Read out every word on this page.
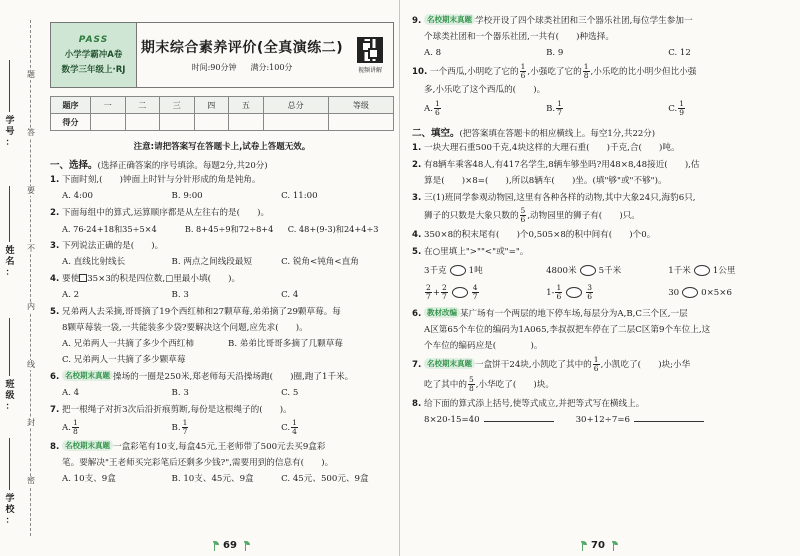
题
答
要
不
内
线
封
密
学
号
：
姓
名
：
班
级
：
学
校
：
PASS
小学学霸冲A卷
数学三年级上·RJ
期末综合素养评价(全真演练二)
时间:90分钟 满分:100分	视频讲解
题序	一	二	三	四	五	总分	等级
得分							
注意:请把答案写在答题卡上,试卷上答题无效。
一、选择。(选择正确答案的序号填涂。每题2分,共20分)
1. 下面时刻,(　　)钟面上时针与分针形成的角是钝角。
A. 4:00	B. 9:00	C. 11:00
2. 下面每组中的算式,运算顺序都是从左往右的是(　　)。
A. 76-24+18和35÷5×4	B. 8+45÷9和72÷8+4	C. 48+(9-3)和24+4÷3
3. 下列说法正确的是(　　)。
A. 直线比射线长	B. 两点之间线段最短	C. 锐角<钝角<直角
4. 要使 35×3的积是四位数,□里最小填(　　)。
A. 2	B. 3	C. 4
5. 兄弟两人去采摘,哥哥摘了19个西红柿和27颗草莓,弟弟摘了29颗草莓。每
8颗草莓装一袋,一共能装多少袋?要解决这个问题,应先求(　　)。
A. 兄弟两人一共摘了多少个西红柿	B. 弟弟比哥哥多摘了几颗草莓
C. 兄弟两人一共摘了多少颗草莓
6. 名校期末真题 操场的一圈是250米,郑老师每天沿操场跑(　　)圈,跑了1千米。
A. 4	B. 3	C. 5
7. 把一根绳子对折3次后沿折痕剪断,每份是这根绳子的(　　)。
A. $\frac{1}{8}$	B. $\frac{1}{7}$	C. $\frac{1}{4}$
8. 名校期末真题 一盒彩笔有10支,每盒45元,王老师带了500元去买9盒彩
笔。要解决"王老师买完彩笔后还剩多少钱?",需要用到的信息有(　　)。
A. 10支、9盒	B. 10支、45元、9盒	C. 45元、500元、9盒
69
9. 名校期末真题 学校开设了四个球类社团和三个器乐社团,每位学生参加一
个球类社团和一个器乐社团,一共有(　　)种选择。
A. 8	B. 9	C. 12
10. 一个西瓜,小明吃了它的 $\frac{1}{6}$ ,小强吃了它的 $\frac{1}{8}$ ,小乐吃的比小明少但比小强
多,小乐吃了这个西瓜的(　　)。
A. $\frac{1}{6}$	B. $\frac{1}{7}$	C. $\frac{1}{9}$
二、填空。(把答案填在答题卡的相应横线上。每空1分,共22分)
1. 一块大理石重500千克,4块这样的大理石重(　　)千克,合(　　)吨。
2. 有8辆车乘客48人,有417名学生,8辆车够坐吗?用48×8,48接近(　　),估
算是(　　)×8=(　　),所以8辆车(　　)坐。(填"够"或"不够")。
3. 三(1)班同学参观动物园,这里有各种各样的动物,其中大象24只,海豹6只,
狮子的只数是大象只数的 $\frac{5}{6}$ ,动物园里的狮子有(　　)只。
4. 350×8的积末尾有(　　)个0,505×8的积中间有(　　)个0。
5. 在○里填上">""<"或"="。
3千克	1吨	4800米	5千米	1千米	1公里
$\frac{2}{7} + \frac{2}{7}$	$\frac{4}{7}$	$1- \frac{1}{6}$	$\frac{3}{6}$	30	0×5×6
6. 教材改编 某广场有一个两层的地下停车场,每层分为A,B,C三个区,一层
A区第65个车位的编码为1A065,李叔叔把车停在了二层C区第9个车位上,这
个车位的编码应是(　　　　)。
7. 名校期末真题 一盒饼干24块,小凯吃了其中的 $\frac{1}{6}$ ,小凯吃了(　　)块;小华
吃了其中的 $\frac{5}{8}$ ,小华吃了(　　)块。
8. 给下面的算式添上括号,使等式成立,并把等式写在横线上。
8×20-15=40	30+12÷7=6
70
